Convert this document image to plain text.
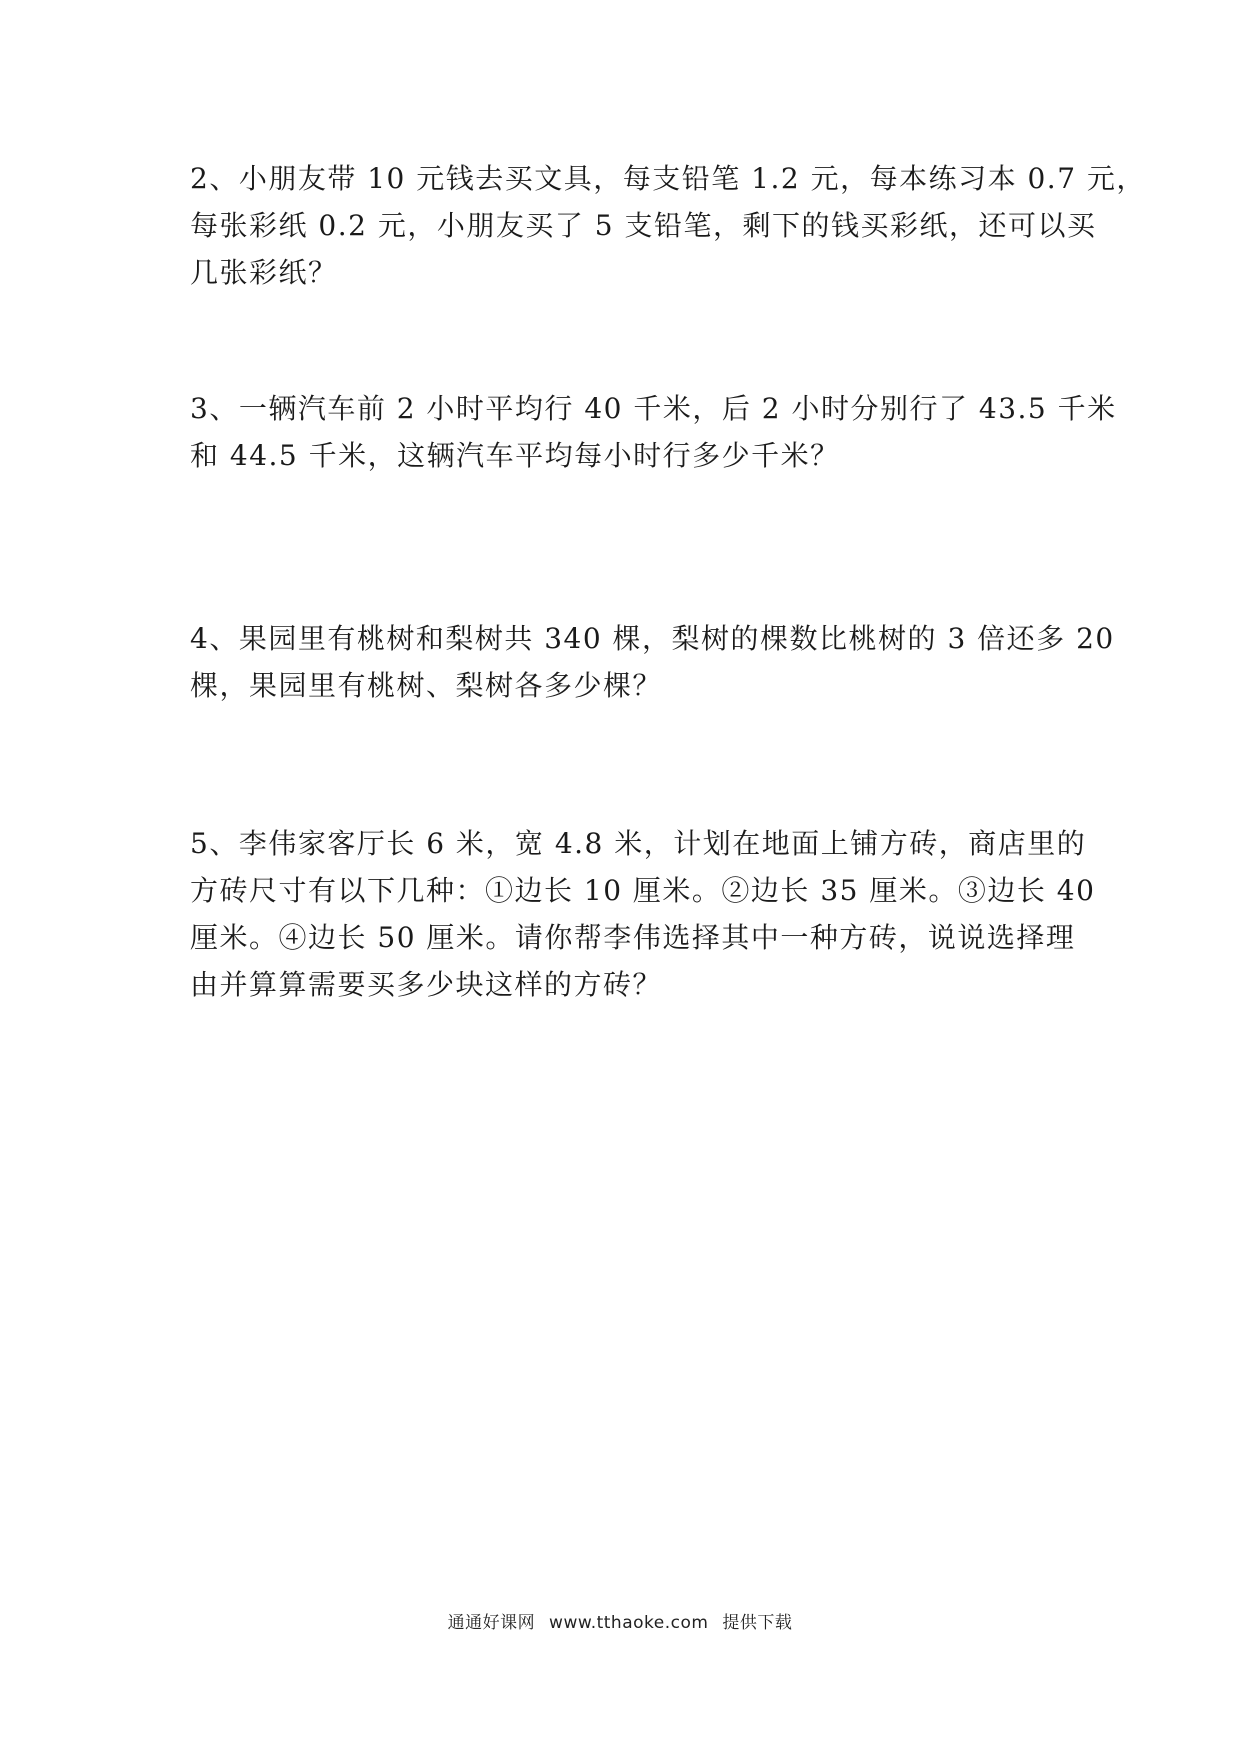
2、小朋友带 10 元钱去买文具，每支铅笔 1.2 元，每本练习本 0.7 元，
每张彩纸 0.2 元，小朋友买了 5 支铅笔，剩下的钱买彩纸，还可以买
几张彩纸？
3、一辆汽车前 2 小时平均行 40 千米，后 2 小时分别行了 43.5 千米
和 44.5 千米，这辆汽车平均每小时行多少千米？
4、果园里有桃树和梨树共 340 棵，梨树的棵数比桃树的 3 倍还多 20
棵，果园里有桃树、梨树各多少棵？
5、李伟家客厅长 6 米，宽 4.8 米，计划在地面上铺方砖，商店里的
方砖尺寸有以下几种：①边长 10 厘米。②边长 35 厘米。③边长 40
厘米。④边长 50 厘米。请你帮李伟选择其中一种方砖，说说选择理
由并算算需要买多少块这样的方砖？
通通好课网 www.tthaoke.com 提供下载
